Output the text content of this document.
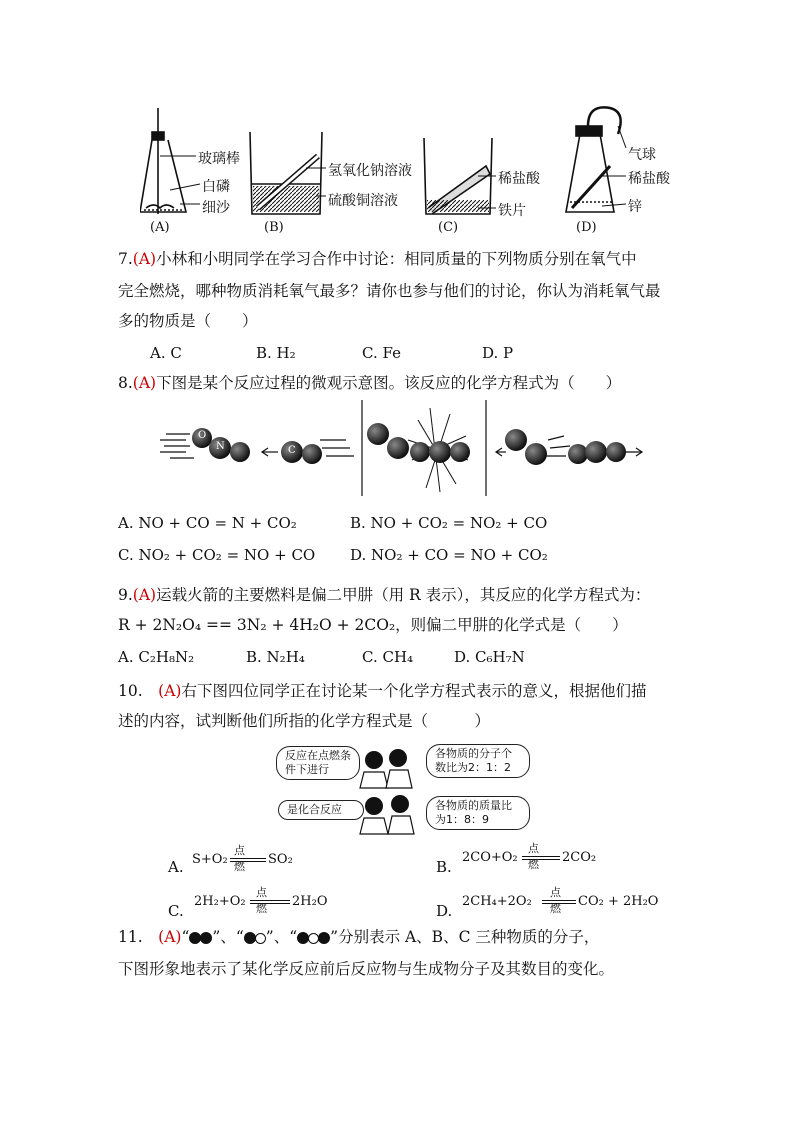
玻璃棒
白磷
细沙
氢氧化钠溶液
硫酸铜溶液
稀盐酸
铁片
气球
稀盐酸
锌
(A)	(B)	(C)	(D)
7.(A)小林和小明同学在学习合作中讨论：相同质量的下列物质分别在氧气中
完全燃烧，哪种物质消耗氧气最多？请你也参与他们的讨论，你认为消耗氧气最
多的物质是（　　）
A. C	B. H₂	C. Fe	D. P
8.(A)下图是某个反应过程的微观示意图。该反应的化学方程式为（　　）
O
N	C
A. NO + CO = N + CO₂	B. NO + CO₂ = NO₂ + CO
C. NO₂ + CO₂ = NO + CO D. NO₂ + CO = NO + CO₂
9.(A)运载火箭的主要燃料是偏二甲肼（用 R 表示），其反应的化学方程式为：
R + 2N₂O₄ == 3N₂ + 4H₂O + 2CO₂，则偏二甲肼的化学式是（　　）
A. C₂H₈N₂	B. N₂H₄	C. CH₄	D. C₆H₇N
10.　 (A)右下图四位同学正在讨论某一个化学方程式表示的意义，根据他们描
述的内容，试判断他们所指的化学方程式是（　　　）
反应在点燃条件下进行
各物质的分子个数比为2：1：2
是化合反应	各物质的质量比为1：8：9
A. S+O₂
点燃 SO₂	B.
2CO+O₂
点燃 2CO₂
C.
2H₂+O₂
点燃 2H₂O
D.
2CH₄+2O₂
点燃 CO₂ + 2H₂O
11.　 (A)“ ”、“ ”、“ ”分别表示 A、B、C 三种物质的分子，
下图形象地表示了某化学反应前后反应物与生成物分子及其数目的变化。
